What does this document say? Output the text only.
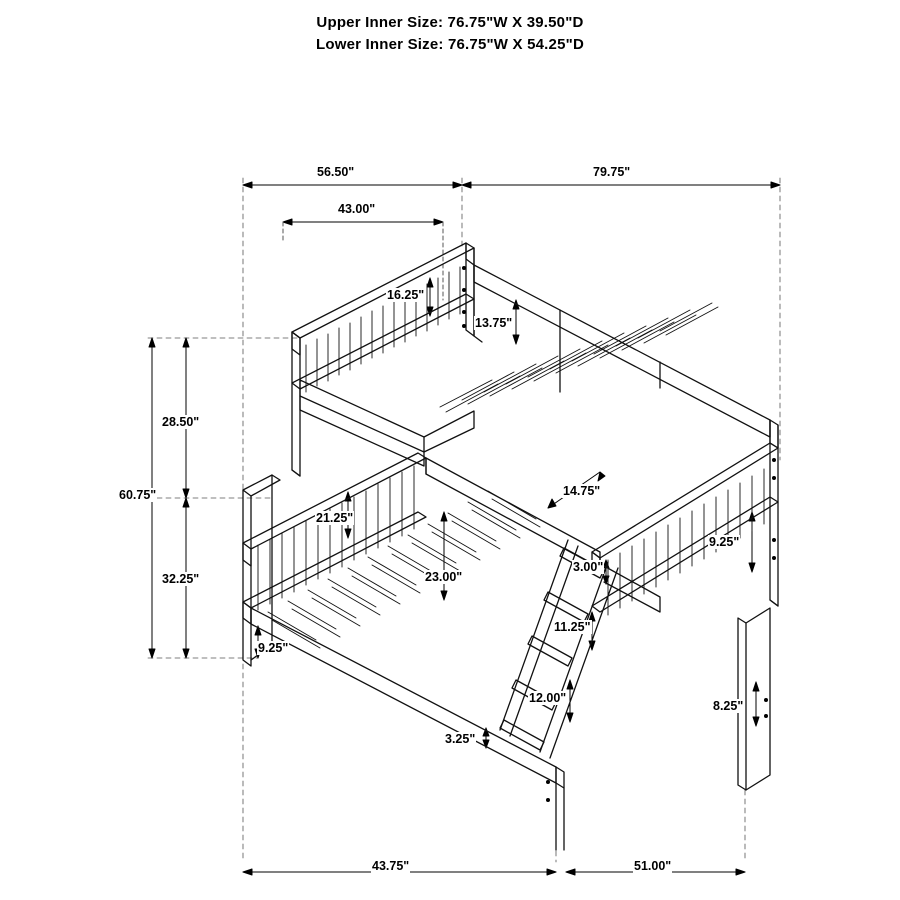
Upper Inner Size: 76.75"W X 39.50"D
Lower Inner Size: 76.75"W X 54.25"D
56.50"	79.75"
43.00"
16.25"
13.75"
28.50"
60.75"
21.25"
14.75"
32.25"
9.25"
3.00"
23.00"
11.25"
9.25"
12.00"
8.25"
3.25"
43.75"	51.00"
